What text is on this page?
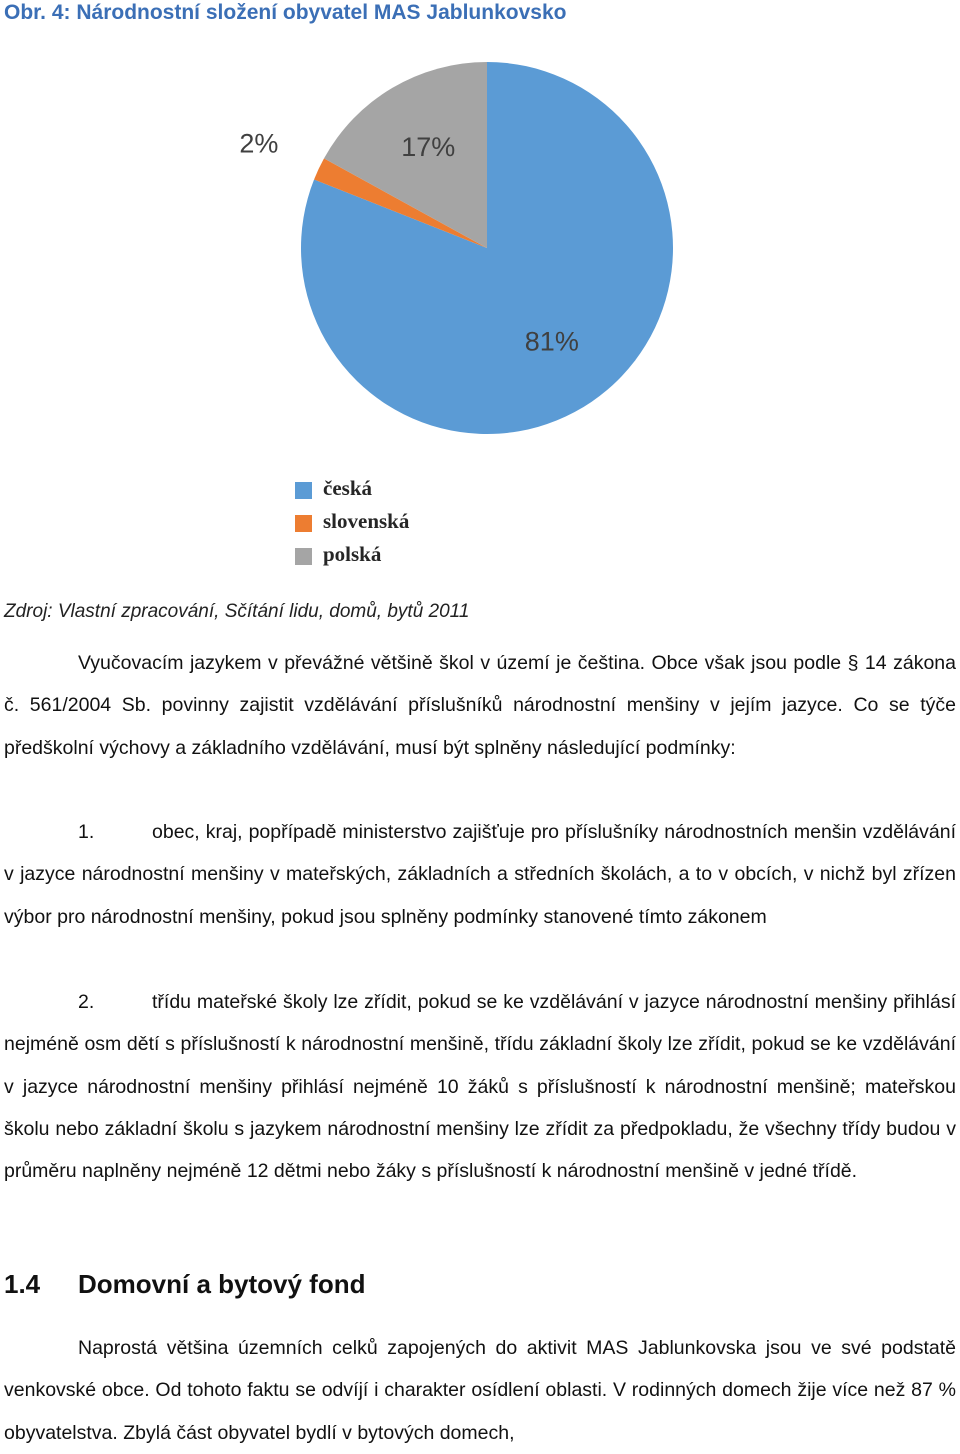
Obr. 4: Národnostní složení obyvatel MAS Jablunkovsko
81%
2%	17%
česká
slovenská
polská
Zdroj: Vlastní zpracování, Sčítání lidu, domů, bytů 2011
Vyučovacím jazykem v převážné většině škol v území je čeština. Obce však jsou podle § 14 zákona č. 561/2004 Sb. povinny zajistit vzdělávání příslušníků národnostní menšiny v jejím jazyce. Co se týče předškolní výchovy a základního vzdělávání, musí být splněny následující podmínky:
1.	obec, kraj, popřípadě ministerstvo zajišťuje pro příslušníky národnostních menšin vzdělávání v jazyce národnostní menšiny v mateřských, základních a středních školách, a to v obcích, v nichž byl zřízen výbor pro národnostní menšiny, pokud jsou splněny podmínky stanovené tímto zákonem
2.	třídu mateřské školy lze zřídit, pokud se ke vzdělávání v jazyce národnostní menšiny přihlásí nejméně osm dětí s příslušností k národnostní menšině, třídu základní školy lze zřídit, pokud se ke vzdělávání v jazyce národnostní menšiny přihlásí nejméně 10 žáků s příslušností k národnostní menšině; mateřskou školu nebo základní školu s jazykem národnostní menšiny lze zřídit za předpokladu, že všechny třídy budou v průměru naplněny nejméně 12 dětmi nebo žáky s příslušností k národnostní menšině v jedné třídě.
1.4 Domovní a bytový fond
Naprostá většina územních celků zapojených do aktivit MAS Jablunkovska jsou ve své podstatě venkovské obce. Od tohoto faktu se odvíjí i charakter osídlení oblasti. V rodinných domech žije více než 87 % obyvatelstva. Zbylá část obyvatel bydlí v bytových domech,
